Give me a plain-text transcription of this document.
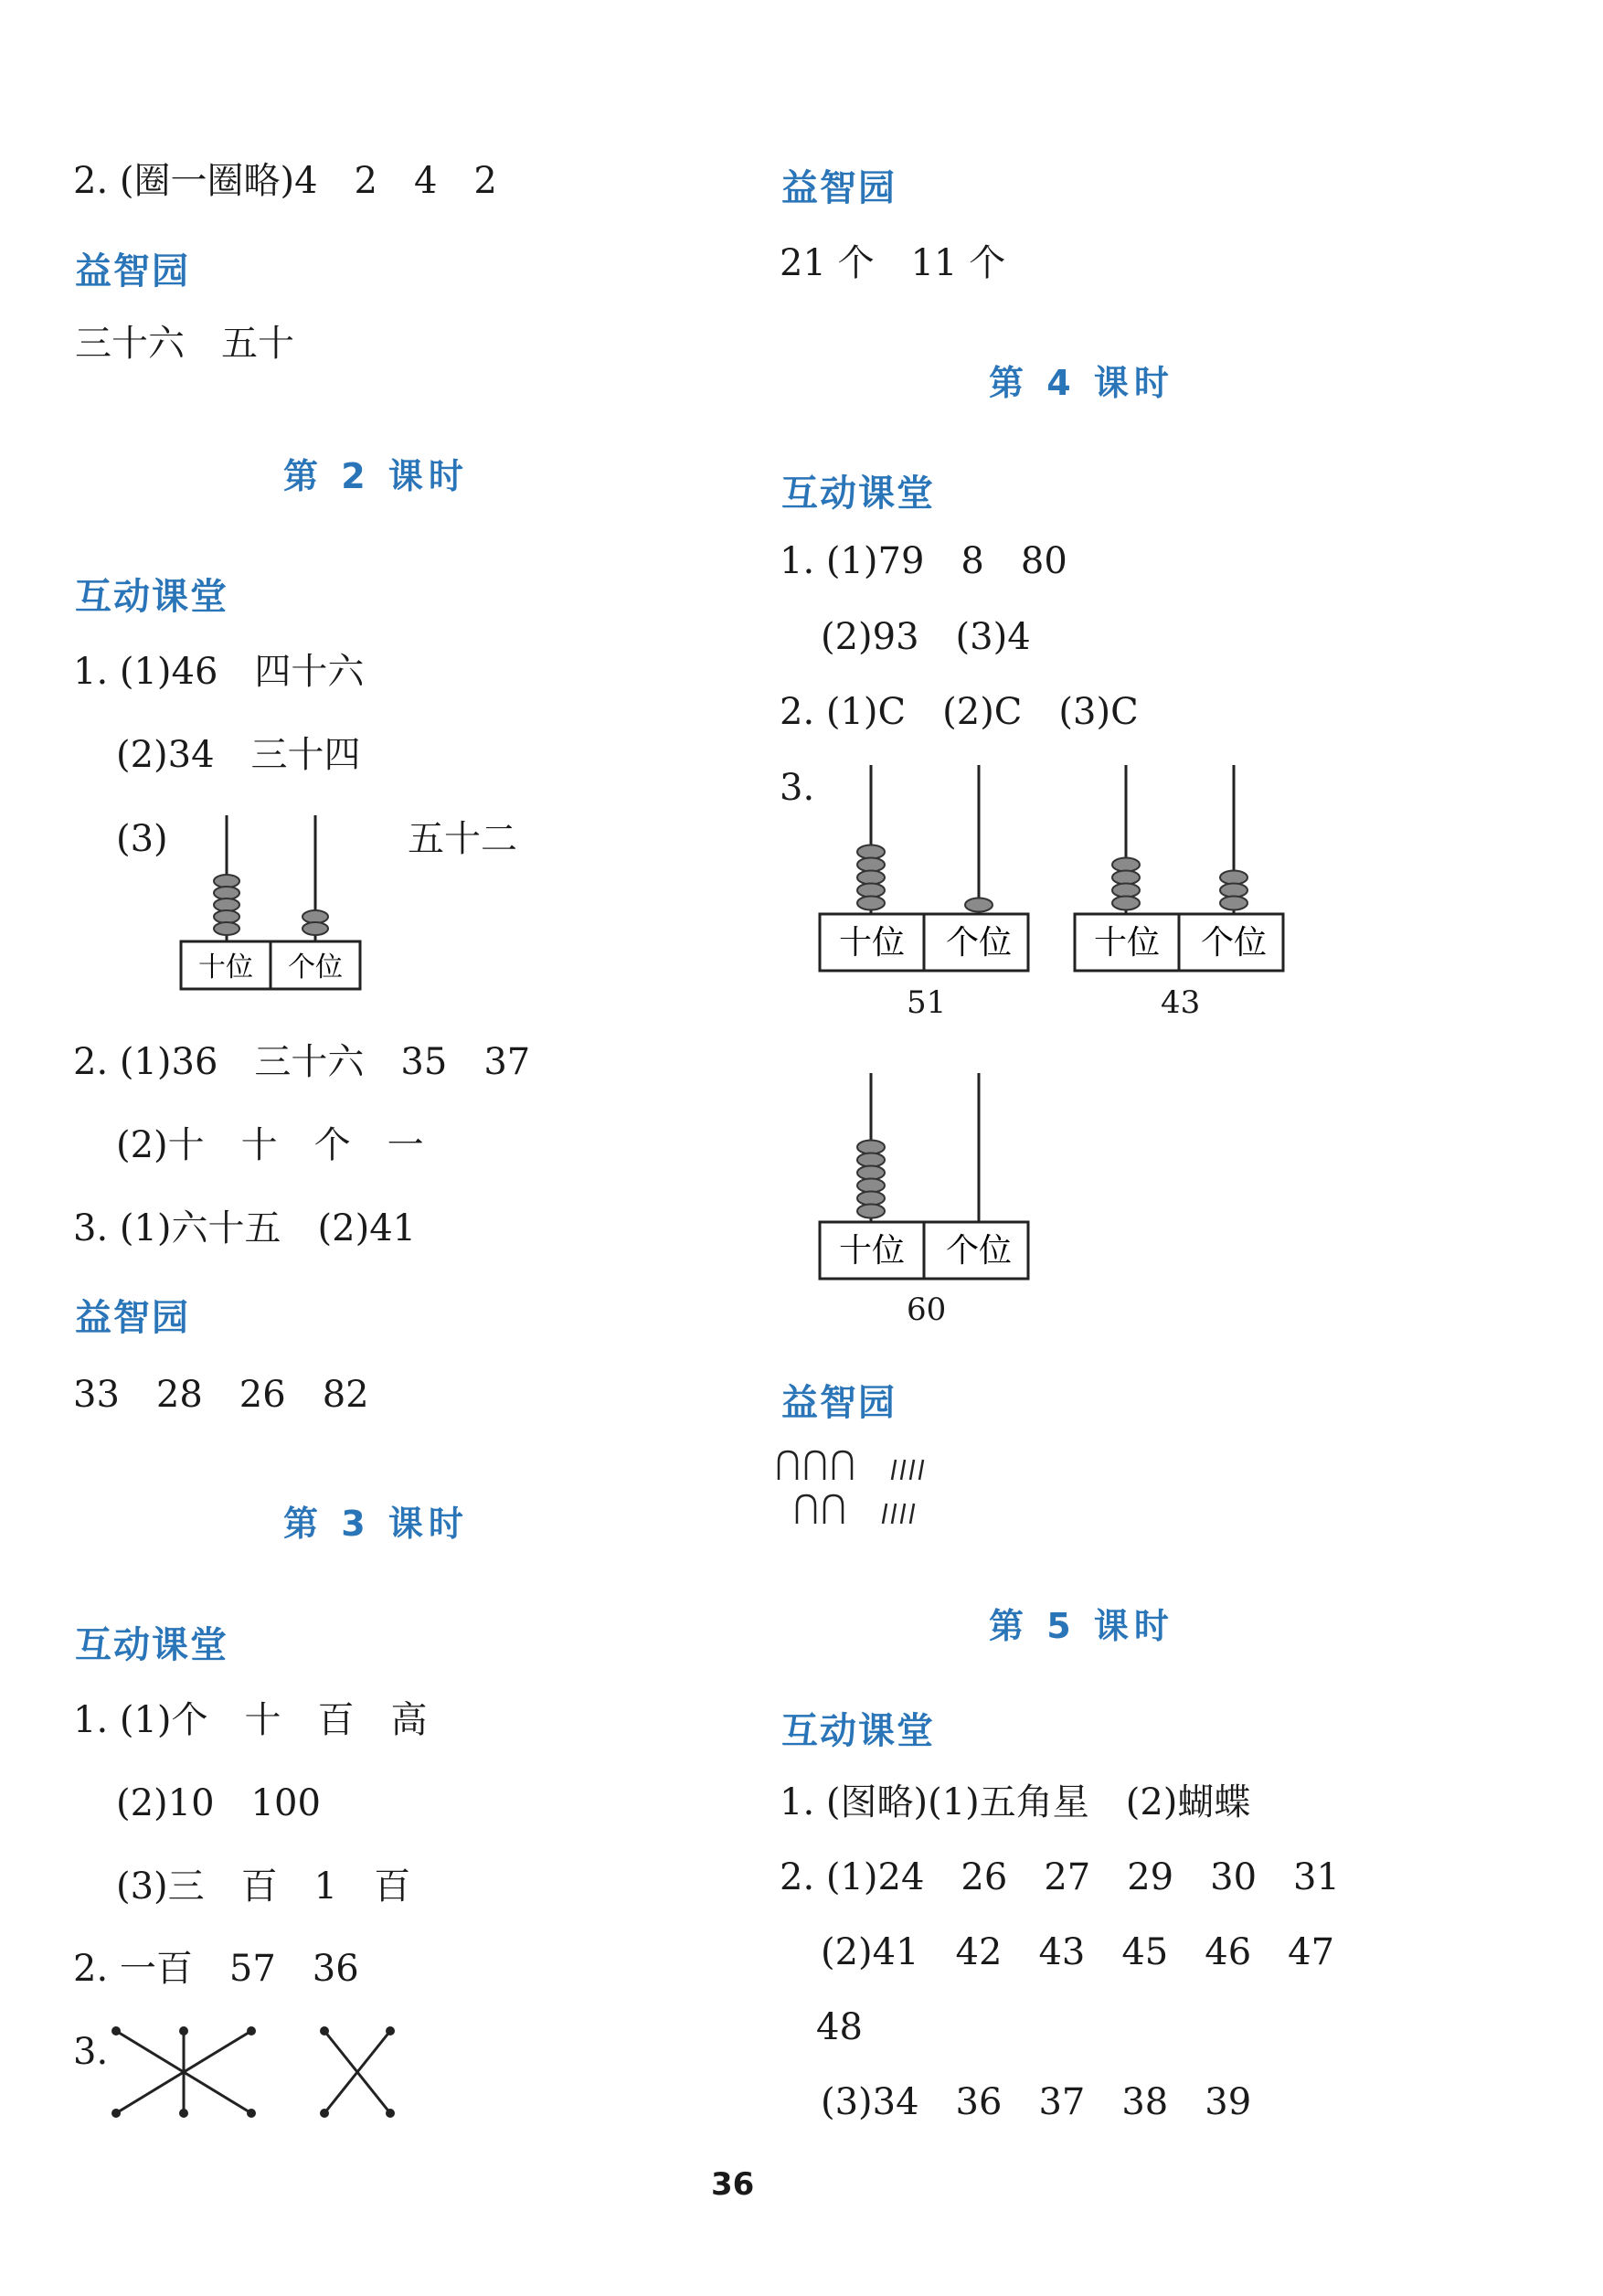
2. (圈一圈略)4　2　4　2
益智园
三十六　五十
第 2 课时
互动课堂
1. (1)46　四十六
(2)34　三十四
(3)	五十二
十位 个位
2. (1)36　三十六　35　37
(2)十　十　个　一
3. (1)六十五　(2)41
益智园
33　28　26　82
第 3 课时
互动课堂
1. (1)个　十　百　高
(2)10　100
(3)三　百　1　百
2. 一百　57　36
3.
益智园
21 个　11 个
第 4 课时
互动课堂
1. (1)79　8　80
(2)93　(3)4
2. (1)C　(2)C　(3)C
3.
十位 个位
51
十位 个位
43
十位 个位
60
益智园
第 5 课时
互动课堂
1. (图略)(1)五角星　(2)蝴蝶
2. (1)24　26　27　29　30　31
(2)41　42　43　45　46　47
48
(3)34　36　37　38　39
36
